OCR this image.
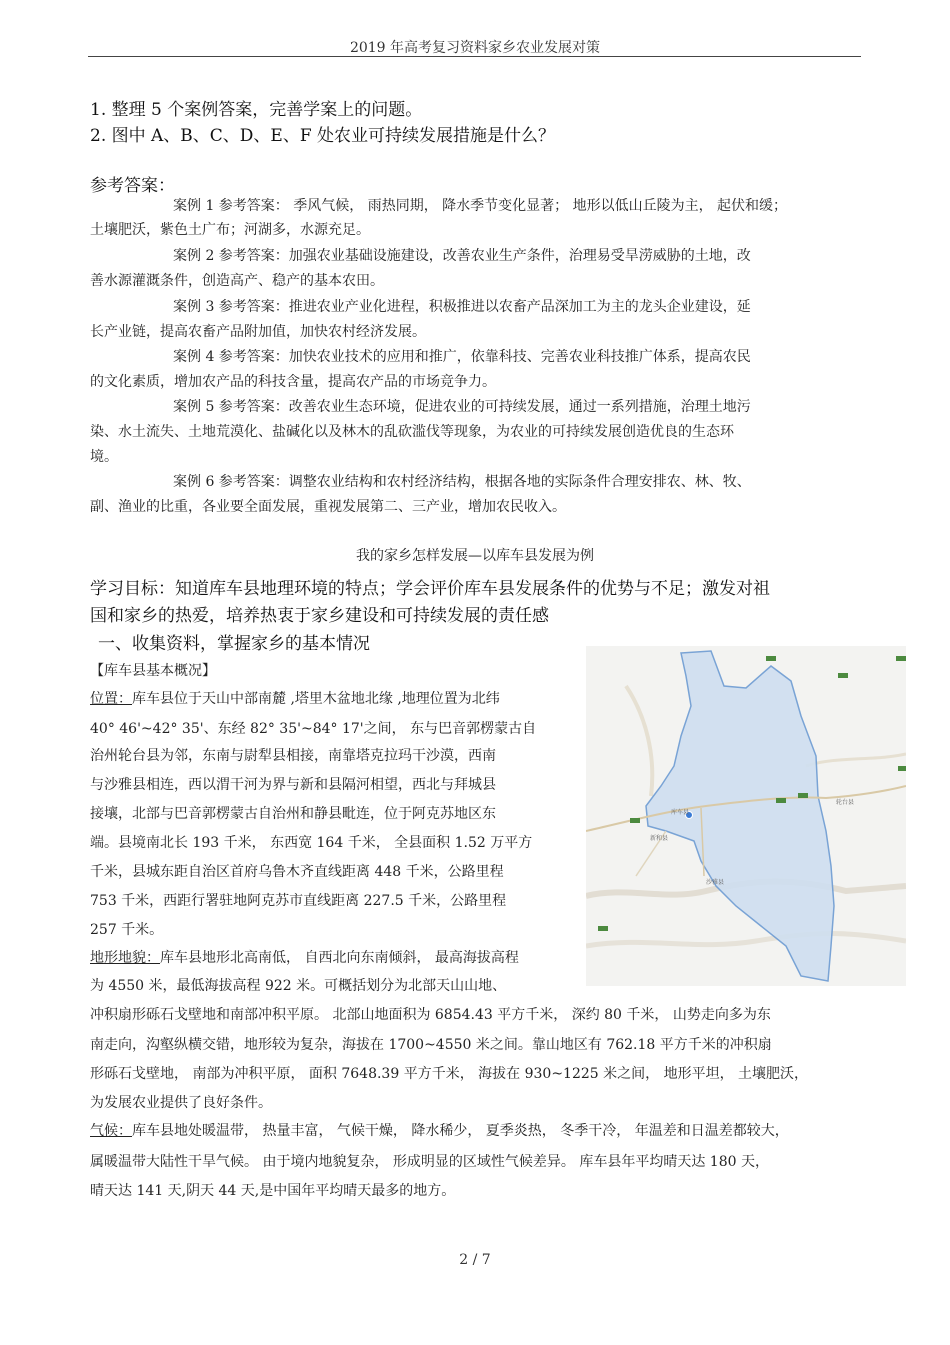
2019 年高考复习资料家乡农业发展对策
1. 整理 5 个案例答案，完善学案上的问题。
2. 图中 A、B、C、D、E、F 处农业可持续发展措施是什么？
参考答案：
案例 1 参考答案： 季风气候， 雨热同期， 降水季节变化显著； 地形以低山丘陵为主， 起伏和缓；
土壤肥沃，紫色土广布；河湖多，水源充足。
案例 2 参考答案：加强农业基础设施建设，改善农业生产条件，治理易受旱涝威胁的土地，改
善水源灌溉条件，创造高产、稳产的基本农田。
案例 3 参考答案：推进农业产业化进程，积极推进以农畜产品深加工为主的龙头企业建设，延
长产业链，提高农畜产品附加值，加快农村经济发展。
案例 4 参考答案：加快农业技术的应用和推广，依靠科技、完善农业科技推广体系，提高农民
的文化素质，增加农产品的科技含量，提高农产品的市场竞争力。
案例 5 参考答案：改善农业生态环境，促进农业的可持续发展，通过一系列措施，治理土地污
染、水土流失、土地荒漠化、盐碱化以及林木的乱砍滥伐等现象，为农业的可持续发展创造优良的生态环
境。
案例 6 参考答案：调整农业结构和农村经济结构，根据各地的实际条件合理安排农、林、牧、
副、渔业的比重，各业要全面发展，重视发展第二、三产业，增加农民收入。
我的家乡怎样发展—以库车县发展为例
学习目标：知道库车县地理环境的特点；学会评价库车县发展条件的优势与不足；激发对祖
国和家乡的热爱，培养热衷于家乡建设和可持续发展的责任感
一、收集资料，掌握家乡的基本情况
【库车县基本概况】
位置：库车县位于天山中部南麓 ,塔里木盆地北缘 ,地理位置为北纬
40° 46'~42° 35'、东经 82° 35'~84° 17'之间， 东与巴音郭楞蒙古自
治州轮台县为邻，东南与尉犁县相接，南靠塔克拉玛干沙漠，西南
与沙雅县相连，西以渭干河为界与新和县隔河相望，西北与拜城县
接壤，北部与巴音郭楞蒙古自治州和静县毗连，位于阿克苏地区东
端。县境南北长 193 千米， 东西宽 164 千米， 全县面积 1.52 万平方
千米，县城东距自治区首府乌鲁木齐直线距离 448 千米，公路里程
753 千米，西距行署驻地阿克苏市直线距离 227.5 千米，公路里程
257 千米。
地形地貌：库车县地形北高南低， 自西北向东南倾斜， 最高海拔高程
为 4550 米，最低海拔高程 922 米。可概括划分为北部天山山地、
冲积扇形砾石戈壁地和南部冲积平原。 北部山地面积为 6854.43 平方千米， 深约 80 千米， 山势走向多为东
南走向，沟壑纵横交错，地形较为复杂，海拔在 1700~4550 米之间。靠山地区有 762.18 平方千米的冲积扇
形砾石戈壁地， 南部为冲积平原， 面积 7648.39 平方千米， 海拔在 930~1225 米之间， 地形平坦， 土壤肥沃，
为发展农业提供了良好条件。
气候：库车县地处暖温带， 热量丰富， 气候干燥， 降水稀少， 夏季炎热， 冬季干冷， 年温差和日温差都较大，
属暖温带大陆性干旱气候。 由于境内地貌复杂， 形成明显的区域性气候差异。 库车县年平均晴天达 180 天，
晴天达 141 天,阴天 44 天,是中国年平均晴天最多的地方。
库车县
新和县
轮台县
沙雅县
2 / 7
